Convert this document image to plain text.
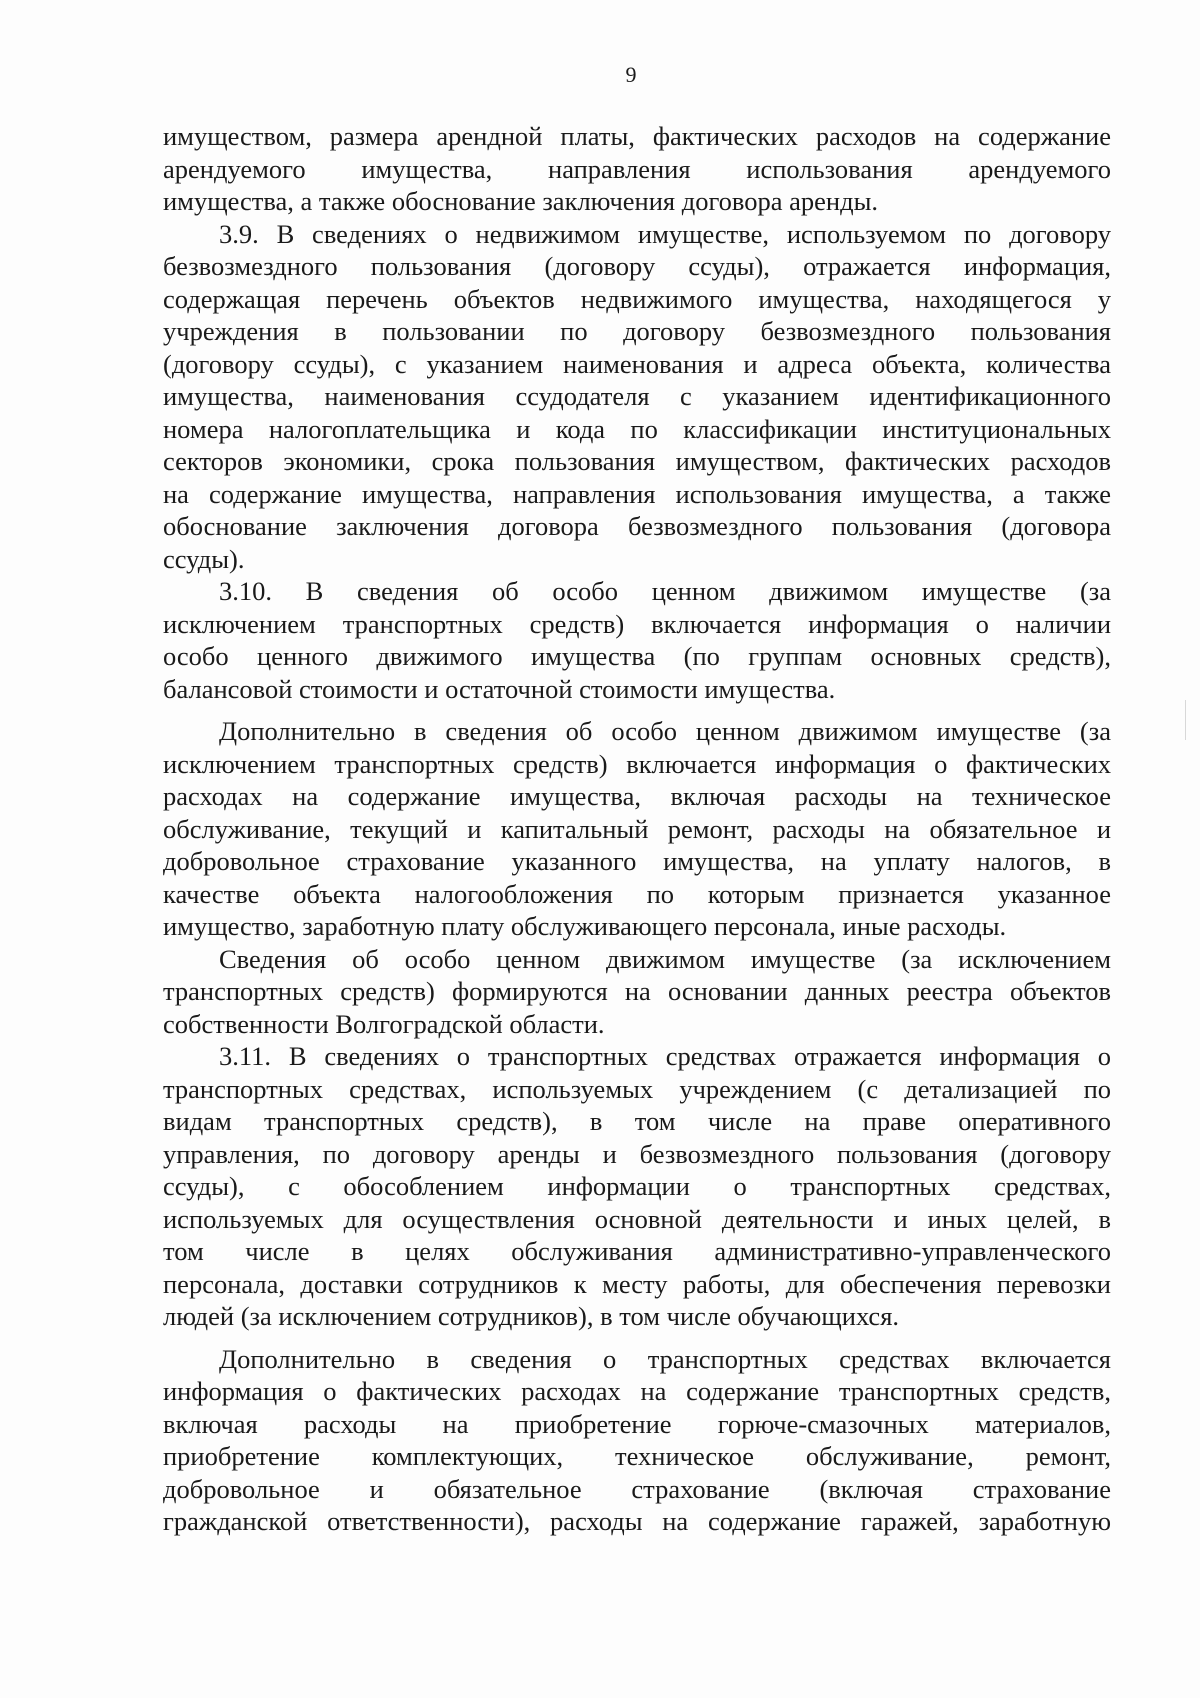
9
имуществом, размера арендной платы, фактических расходов на содержание
арендуемого имущества, направления использования арендуемого
имущества, а также обоснование заключения договора аренды.
3.9. В сведениях о недвижимом имуществе, используемом по договору
безвозмездного пользования (договору ссуды), отражается информация,
содержащая перечень объектов недвижимого имущества, находящегося у
учреждения в пользовании по договору безвозмездного пользования
(договору ссуды), с указанием наименования и адреса объекта, количества
имущества, наименования ссудодателя с указанием идентификационного
номера налогоплательщика и кода по классификации институциональных
секторов экономики, срока пользования имуществом, фактических расходов
на содержание имущества, направления использования имущества, а также
обоснование заключения договора безвозмездного пользования (договора
ссуды).
3.10. В сведения об особо ценном движимом имуществе (за
исключением транспортных средств) включается информация о наличии
особо ценного движимого имущества (по группам основных средств),
балансовой стоимости и остаточной стоимости имущества.
Дополнительно в сведения об особо ценном движимом имуществе (за
исключением транспортных средств) включается информация о фактических
расходах на содержание имущества, включая расходы на техническое
обслуживание, текущий и капитальный ремонт, расходы на обязательное и
добровольное страхование указанного имущества, на уплату налогов, в
качестве объекта налогообложения по которым признается указанное
имущество, заработную плату обслуживающего персонала, иные расходы.
Сведения об особо ценном движимом имуществе (за исключением
транспортных средств) формируются на основании данных реестра объектов
собственности Волгоградской области.
3.11. В сведениях о транспортных средствах отражается информация о
транспортных средствах, используемых учреждением (с детализацией по
видам транспортных средств), в том числе на праве оперативного
управления, по договору аренды и безвозмездного пользования (договору
ссуды), с обособлением информации о транспортных средствах,
используемых для осуществления основной деятельности и иных целей, в
том числе в целях обслуживания административно-управленческого
персонала, доставки сотрудников к месту работы, для обеспечения перевозки
людей (за исключением сотрудников), в том числе обучающихся.
Дополнительно в сведения о транспортных средствах включается
информация о фактических расходах на содержание транспортных средств,
включая расходы на приобретение горюче-смазочных материалов,
приобретение комплектующих, техническое обслуживание, ремонт,
добровольное и обязательное страхование (включая страхование
гражданской ответственности), расходы на содержание гаражей, заработную
